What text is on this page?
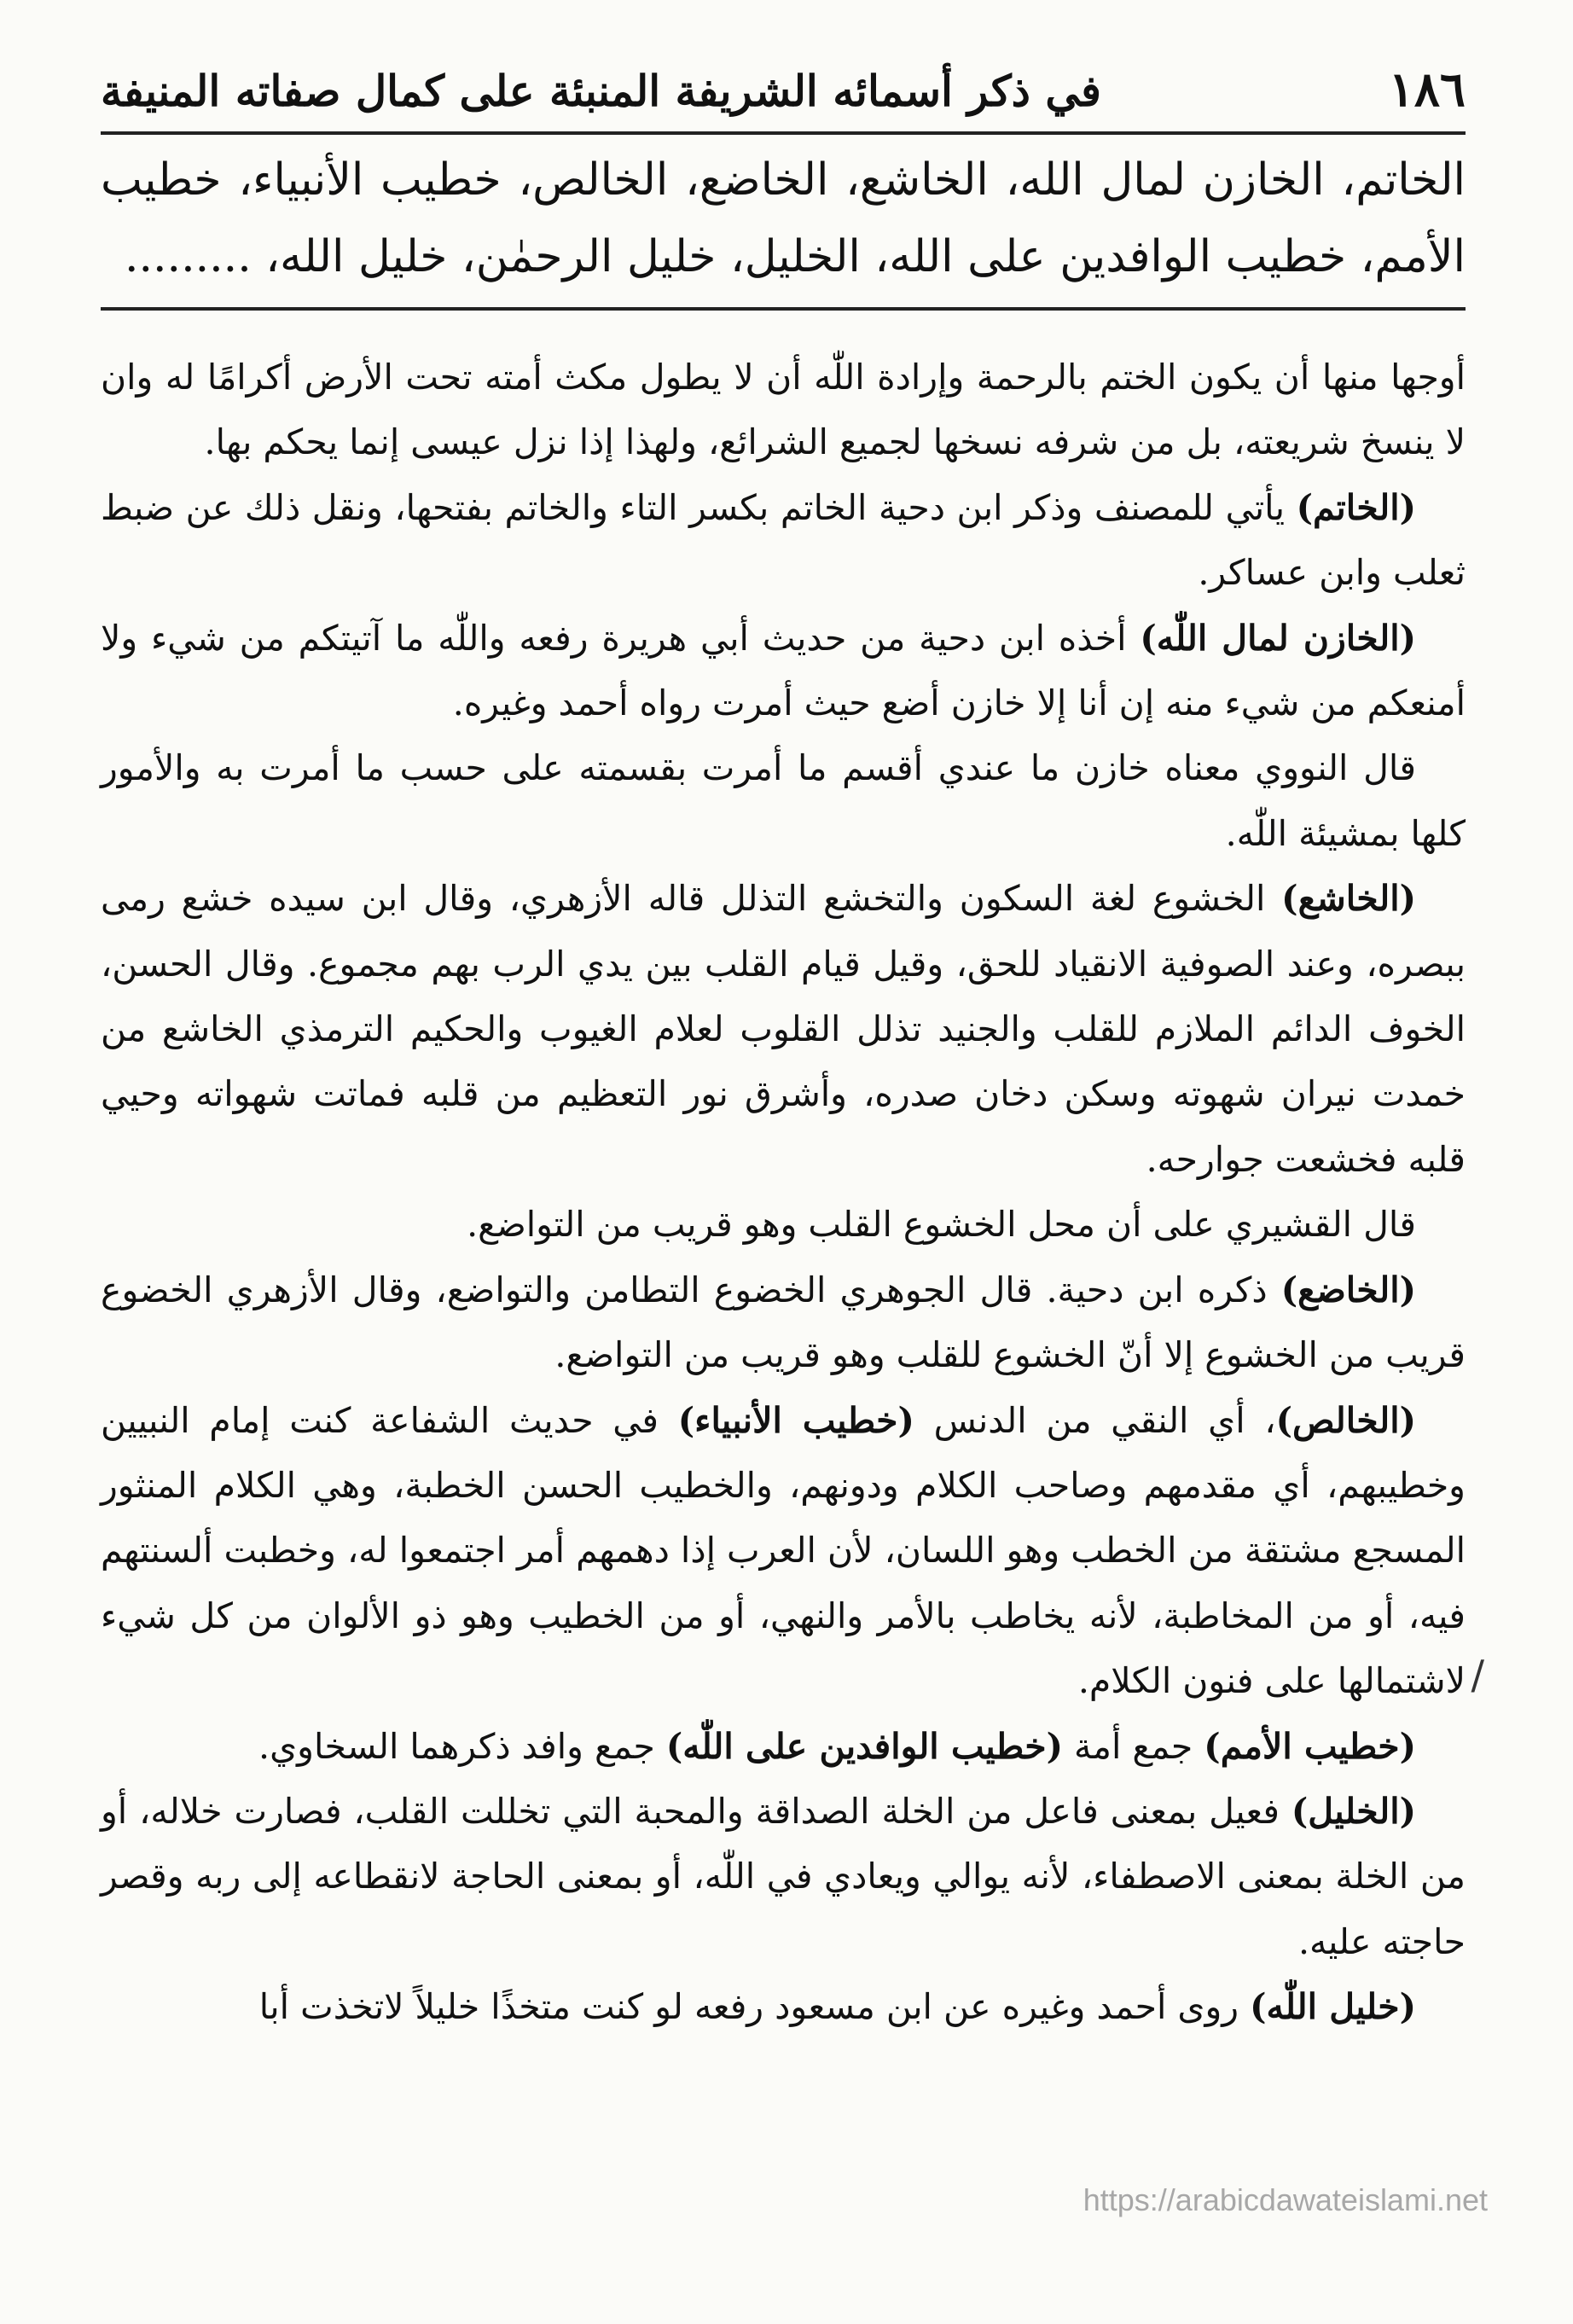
١٨٦
في ذكر أسمائه الشريفة المنبئة على كمال صفاته المنيفة
الخاتم، الخازن لمال الله، الخاشع، الخاضع، الخالص، خطيب الأنبياء، خطيب الأمم، خطيب الوافدين على الله، الخليل، خليل الرحمٰن، خليل الله، .........

أوجها منها أن يكون الختم بالرحمة وإرادة اللّٰه أن لا يطول مكث أمته تحت الأرض أكرامًا له وان لا ينسخ شريعته، بل من شرفه نسخها لجميع الشرائع، ولهذا إذا نزل عيسى إنما يحكم بها.

(الخاتم) يأتي للمصنف وذكر ابن دحية الخاتم بكسر التاء والخاتم بفتحها، ونقل ذلك عن ضبط ثعلب وابن عساكر.

(الخازن لمال اللّٰه) أخذه ابن دحية من حديث أبي هريرة رفعه واللّٰه ما آتيتكم من شيء ولا أمنعكم من شيء منه إن أنا إلا خازن أضع حيث أمرت رواه أحمد وغيره.

قال النووي معناه خازن ما عندي أقسم ما أمرت بقسمته على حسب ما أمرت به والأمور كلها بمشيئة اللّٰه.

(الخاشع) الخشوع لغة السكون والتخشع التذلل قاله الأزهري، وقال ابن سيده خشع رمى ببصره، وعند الصوفية الانقياد للحق، وقيل قيام القلب بين يدي الرب بهم مجموع. وقال الحسن، الخوف الدائم الملازم للقلب والجنيد تذلل القلوب لعلام الغيوب والحكيم الترمذي الخاشع من خمدت نيران شهوته وسكن دخان صدره، وأشرق نور التعظيم من قلبه فماتت شهواته وحيي قلبه فخشعت جوارحه.

قال القشيري على أن محل الخشوع القلب وهو قريب من التواضع.

(الخاضع) ذكره ابن دحية. قال الجوهري الخضوع التطامن والتواضع، وقال الأزهري الخضوع قريب من الخشوع إلا أنّ الخشوع للقلب وهو قريب من التواضع.

(الخالص)، أي النقي من الدنس (خطيب الأنبياء) في حديث الشفاعة كنت إمام النبيين وخطيبهم، أي مقدمهم وصاحب الكلام ودونهم، والخطيب الحسن الخطبة، وهي الكلام المنثور المسجع مشتقة من الخطب وهو اللسان، لأن العرب إذا دهمهم أمر اجتمعوا له، وخطبت ألسنتهم فيه، أو من المخاطبة، لأنه يخاطب بالأمر والنهي، أو من الخطيب وهو ذو الألوان من كل شيء لاشتمالها على فنون الكلام.

(خطيب الأمم) جمع أمة (خطيب الوافدين على اللّٰه) جمع وافد ذكرهما السخاوي.

(الخليل) فعيل بمعنى فاعل من الخلة الصداقة والمحبة التي تخللت القلب، فصارت خلاله، أو من الخلة بمعنى الاصطفاء، لأنه يوالي ويعادي في اللّٰه، أو بمعنى الحاجة لانقطاعه إلى ربه وقصر حاجته عليه.

(خليل اللّٰه) روى أحمد وغيره عن ابن مسعود رفعه لو كنت متخذًا خليلاً لاتخذت أبا

/
https://arabicdawateislami.net
